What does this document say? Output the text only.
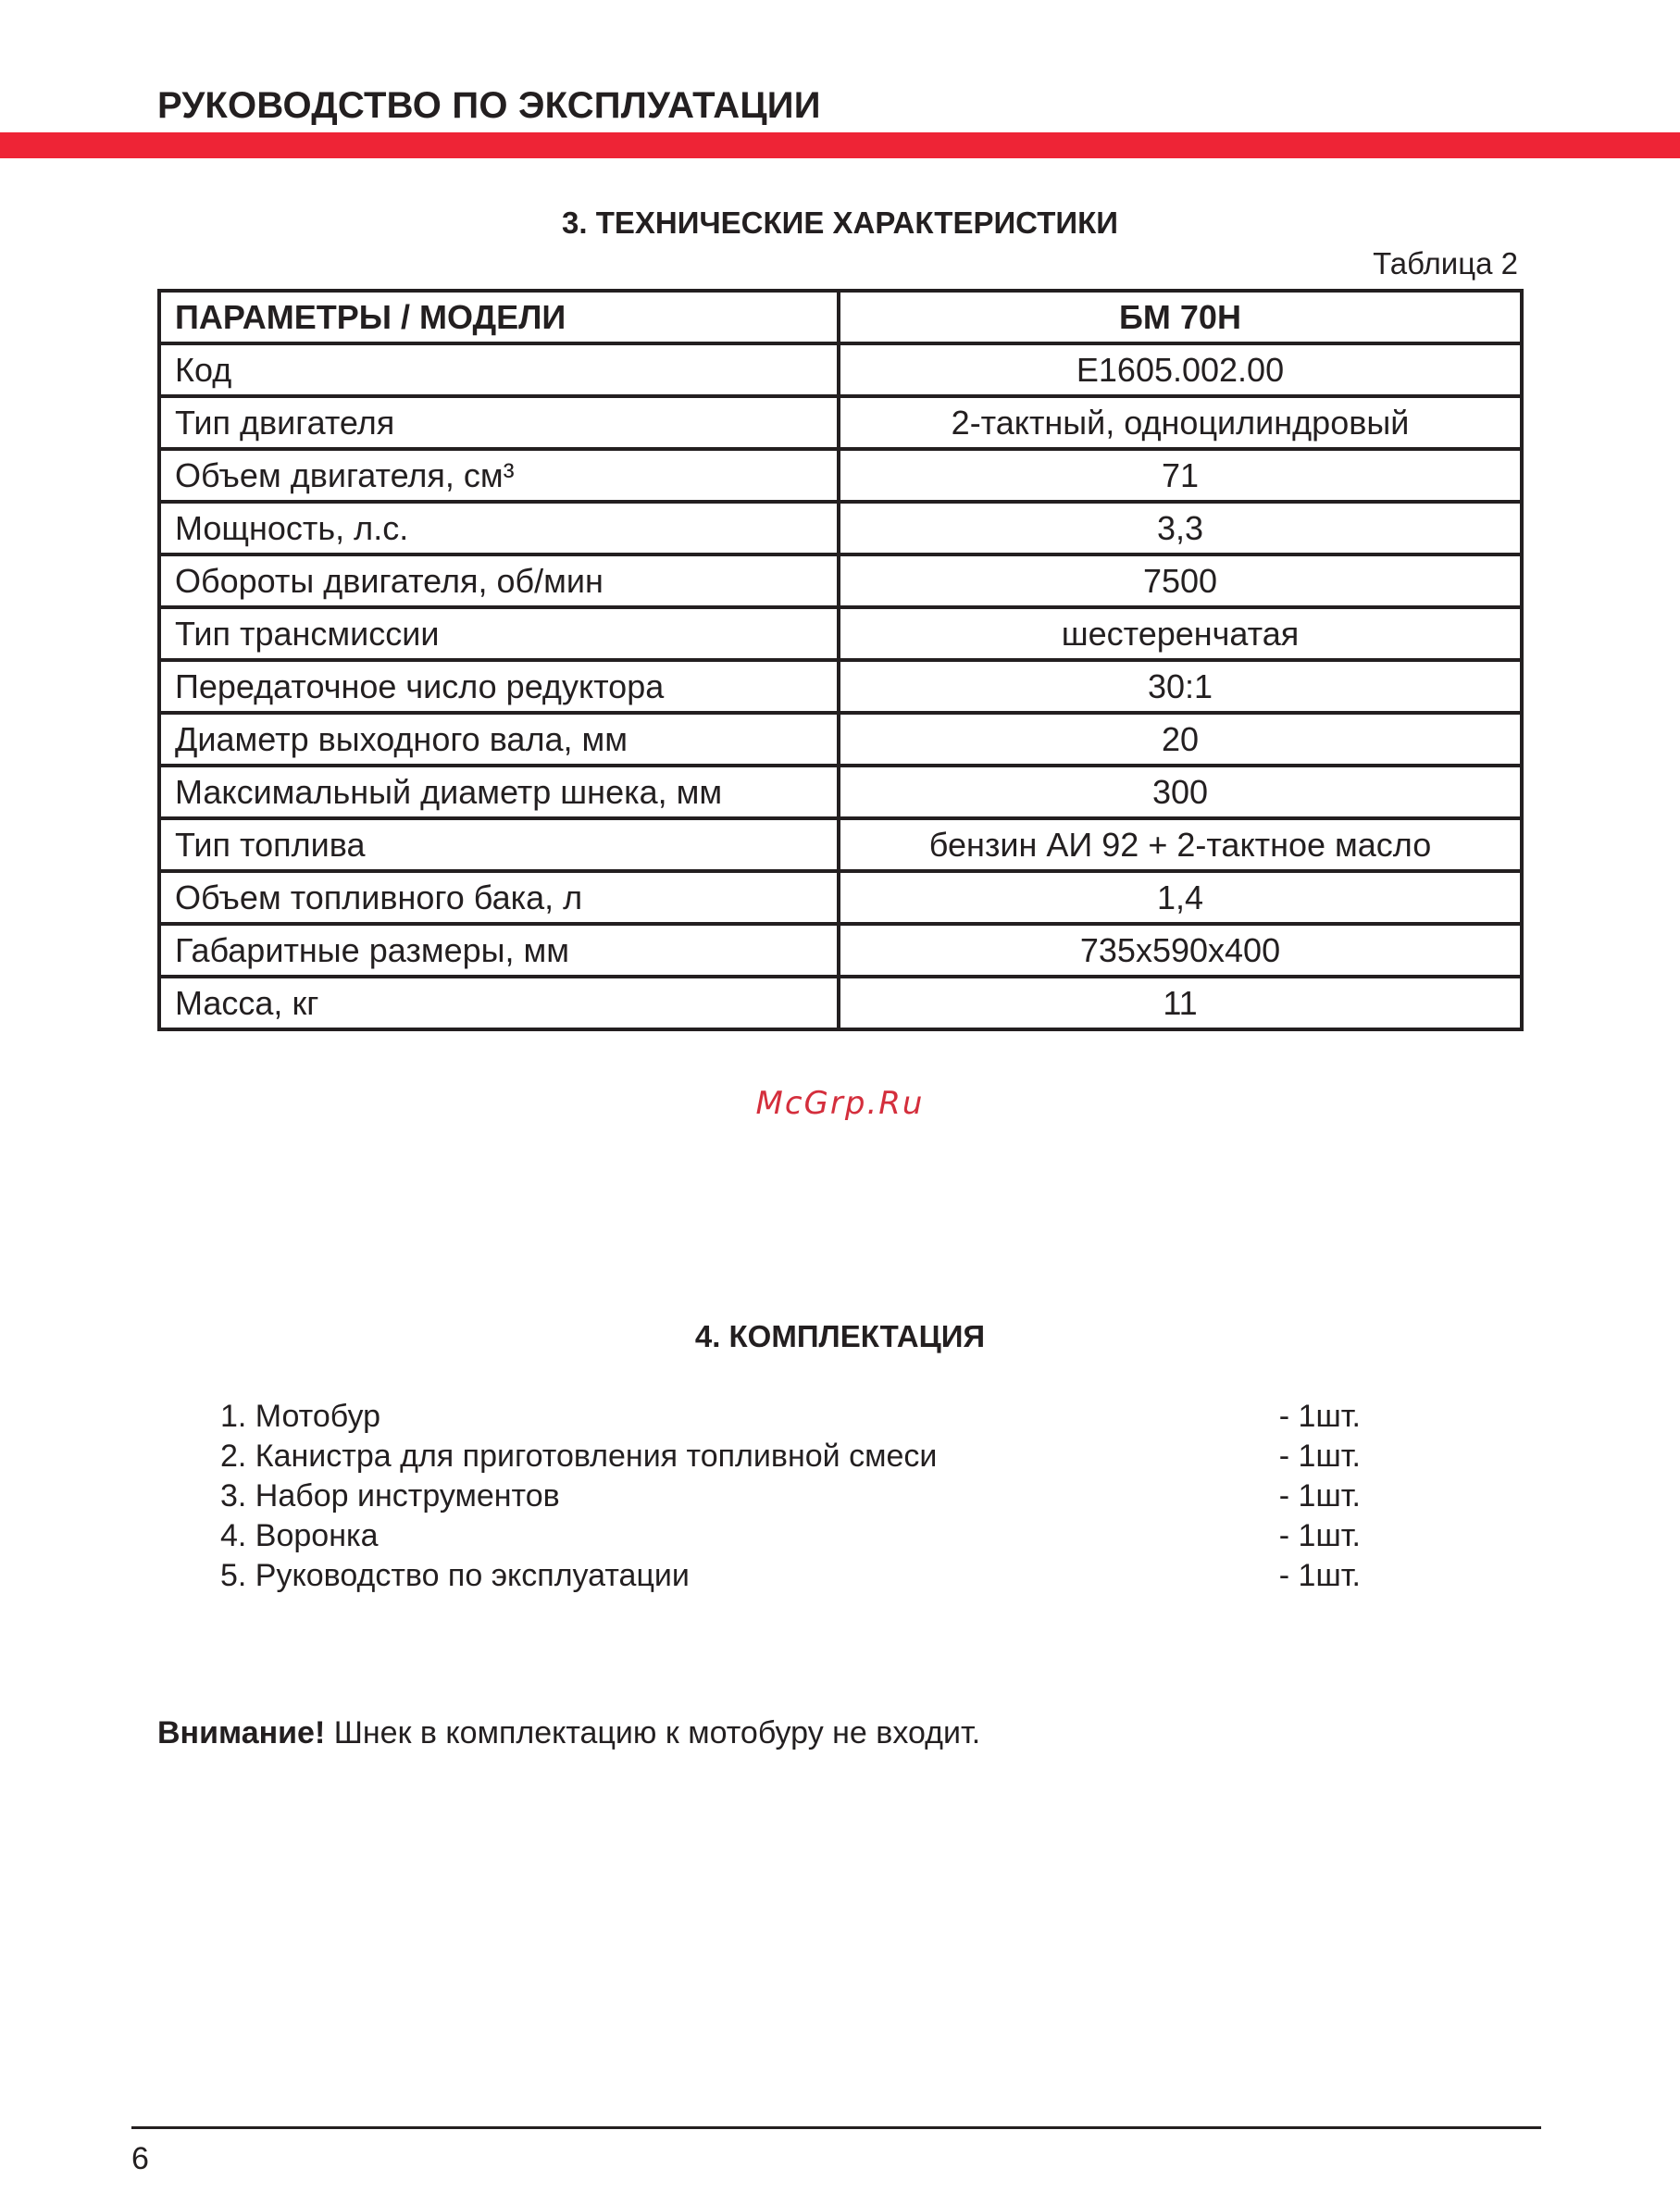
РУКОВОДСТВО ПО ЭКСПЛУАТАЦИИ
3. ТЕХНИЧЕСКИЕ ХАРАКТЕРИСТИКИ
Таблица 2
ПАРАМЕТРЫ / МОДЕЛИ	БМ 70Н
Код	E1605.002.00
Тип двигателя	2-тактный, одноцилиндровый
Объем двигателя, см³	71
Мощность, л.с.	3,3
Обороты двигателя, об/мин	7500
Тип трансмиссии	шестеренчатая
Передаточное число редуктора	30:1
Диаметр выходного вала, мм	20
Максимальный диаметр шнека, мм	300
Тип топлива	бензин АИ 92 + 2-тактное масло
Объем топливного бака, л	1,4
Габаритные размеры, мм	735x590x400
Масса, кг	11
McGrp.Ru
4. КОМПЛЕКТАЦИЯ
1. Мотобур	- 1шт.
2. Канистра для приготовления топливной смеси	- 1шт.
3. Набор инструментов	- 1шт.
4. Воронка	- 1шт.
5. Руководство по эксплуатации	- 1шт.
Внимание! Шнек в комплектацию к мотобуру не входит.
6
